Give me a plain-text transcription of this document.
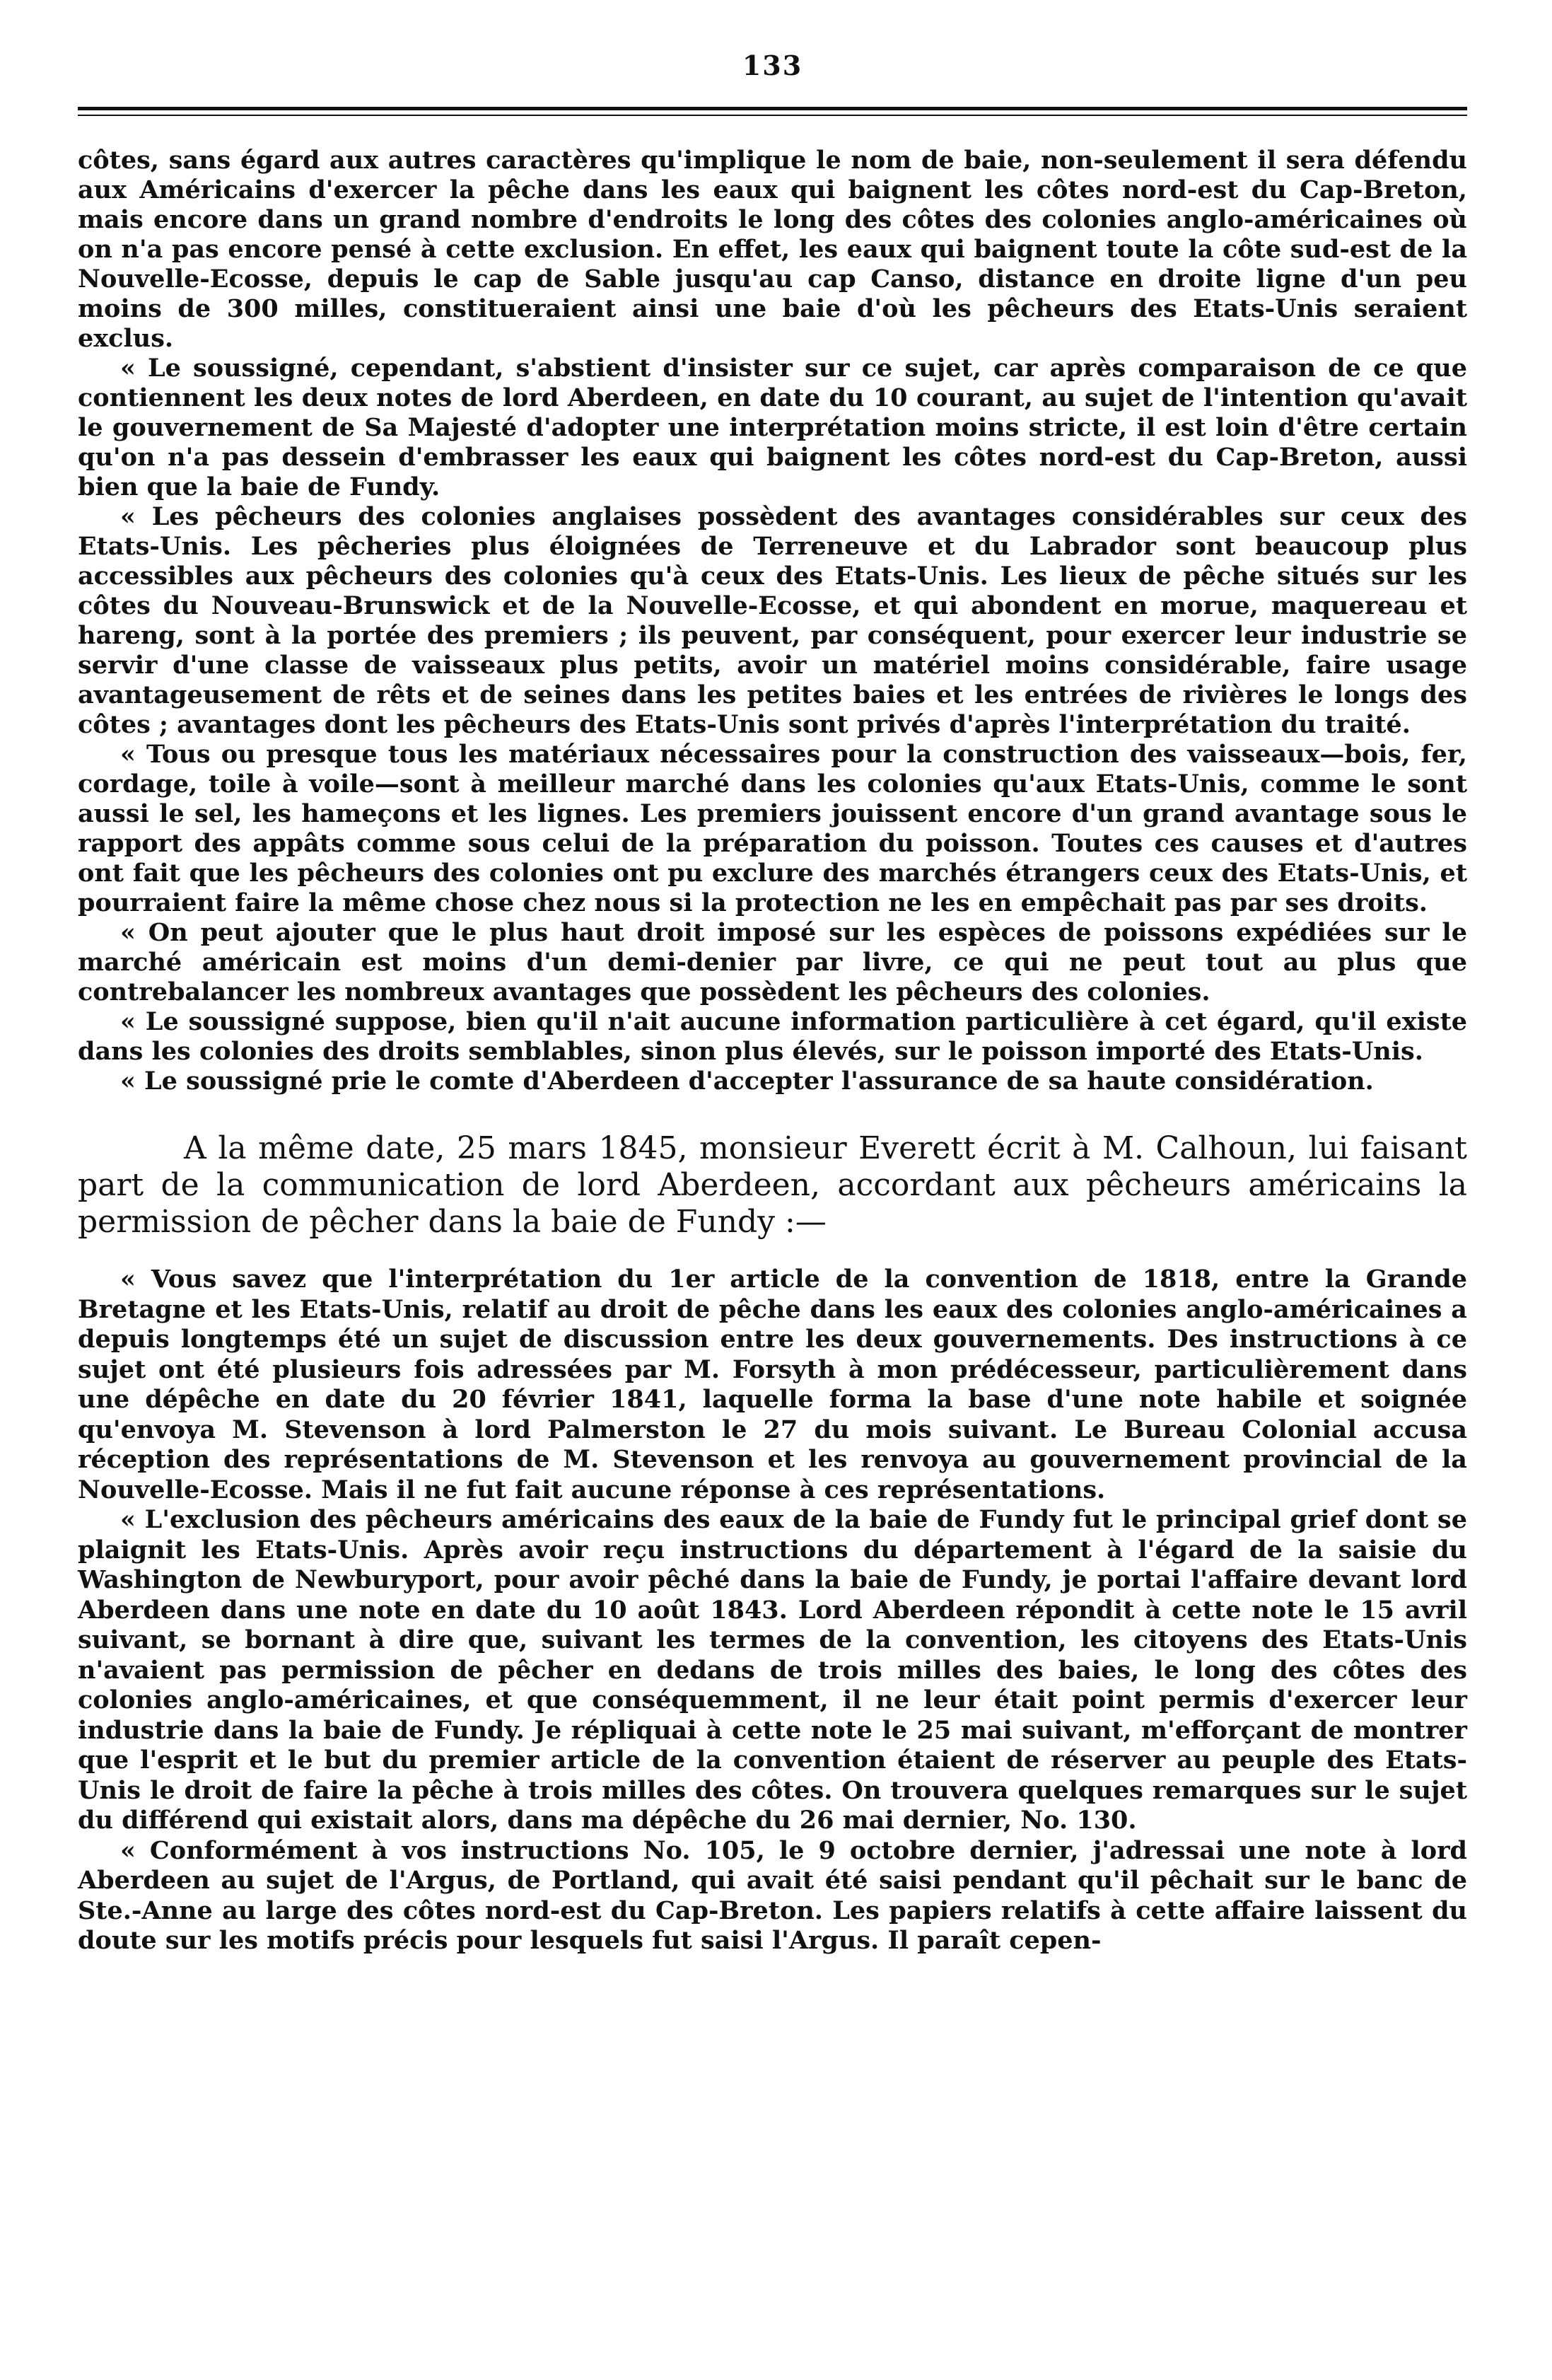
133

côtes, sans égard aux autres caractères qu'implique le nom de baie, non-seulement il sera défendu aux Américains d'exercer la pêche dans les eaux qui baignent les côtes nord-est du Cap-Breton, mais encore dans un grand nombre d'endroits le long des côtes des colonies anglo-américaines où on n'a pas encore pensé à cette exclusion. En effet, les eaux qui baignent toute la côte sud-est de la Nouvelle-Ecosse, depuis le cap de Sable jusqu'au cap Canso, distance en droite ligne d'un peu moins de 300 milles, constitueraient ainsi une baie d'où les pêcheurs des Etats-Unis seraient exclus.

« Le soussigné, cependant, s'abstient d'insister sur ce sujet, car après comparaison de ce que contiennent les deux notes de lord Aberdeen, en date du 10 courant, au sujet de l'intention qu'avait le gouvernement de Sa Majesté d'adopter une interprétation moins stricte, il est loin d'être certain qu'on n'a pas dessein d'embrasser les eaux qui baignent les côtes nord-est du Cap-Breton, aussi bien que la baie de Fundy.

« Les pêcheurs des colonies anglaises possèdent des avantages considérables sur ceux des Etats-Unis. Les pêcheries plus éloignées de Terreneuve et du Labrador sont beaucoup plus accessibles aux pêcheurs des colonies qu'à ceux des Etats-Unis. Les lieux de pêche situés sur les côtes du Nouveau-Brunswick et de la Nouvelle-Ecosse, et qui abondent en morue, maquereau et hareng, sont à la portée des premiers ; ils peuvent, par conséquent, pour exercer leur industrie se servir d'une classe de vaisseaux plus petits, avoir un matériel moins considérable, faire usage avantageusement de rêts et de seines dans les petites baies et les entrées de rivières le longs des côtes ; avantages dont les pêcheurs des Etats-Unis sont privés d'après l'interprétation du traité.

« Tous ou presque tous les matériaux nécessaires pour la construction des vaisseaux—bois, fer, cordage, toile à voile—sont à meilleur marché dans les colonies qu'aux Etats-Unis, comme le sont aussi le sel, les hameçons et les lignes. Les premiers jouissent encore d'un grand avantage sous le rapport des appâts comme sous celui de la préparation du poisson. Toutes ces causes et d'autres ont fait que les pêcheurs des colonies ont pu exclure des marchés étrangers ceux des Etats-Unis, et pourraient faire la même chose chez nous si la protection ne les en empêchait pas par ses droits.

« On peut ajouter que le plus haut droit imposé sur les espèces de poissons expédiées sur le marché américain est moins d'un demi-denier par livre, ce qui ne peut tout au plus que contrebalancer les nombreux avantages que possèdent les pêcheurs des colonies.

« Le soussigné suppose, bien qu'il n'ait aucune information particulière à cet égard, qu'il existe dans les colonies des droits semblables, sinon plus élevés, sur le poisson importé des Etats-Unis.

« Le soussigné prie le comte d'Aberdeen d'accepter l'assurance de sa haute considération.

A la même date, 25 mars 1845, monsieur Everett écrit à M. Calhoun, lui faisant part de la communication de lord Aberdeen, accordant aux pêcheurs américains la permission de pêcher dans la baie de Fundy :—

« Vous savez que l'interprétation du 1er article de la convention de 1818, entre la Grande Bretagne et les Etats-Unis, relatif au droit de pêche dans les eaux des colonies anglo-américaines a depuis longtemps été un sujet de discussion entre les deux gouvernements. Des instructions à ce sujet ont été plusieurs fois adressées par M. Forsyth à mon prédécesseur, particulièrement dans une dépêche en date du 20 février 1841, laquelle forma la base d'une note habile et soignée qu'envoya M. Stevenson à lord Palmerston le 27 du mois suivant. Le Bureau Colonial accusa réception des représentations de M. Stevenson et les renvoya au gouvernement provincial de la Nouvelle-Ecosse. Mais il ne fut fait aucune réponse à ces représentations.

« L'exclusion des pêcheurs américains des eaux de la baie de Fundy fut le principal grief dont se plaignit les Etats-Unis. Après avoir reçu instructions du département à l'égard de la saisie du Washington de Newburyport, pour avoir pêché dans la baie de Fundy, je portai l'affaire devant lord Aberdeen dans une note en date du 10 août 1843. Lord Aberdeen répondit à cette note le 15 avril suivant, se bornant à dire que, suivant les termes de la convention, les citoyens des Etats-Unis n'avaient pas permission de pêcher en dedans de trois milles des baies, le long des côtes des colonies anglo-américaines, et que conséquemment, il ne leur était point permis d'exercer leur industrie dans la baie de Fundy. Je répliquai à cette note le 25 mai suivant, m'efforçant de montrer que l'esprit et le but du premier article de la convention étaient de réserver au peuple des Etats-Unis le droit de faire la pêche à trois milles des côtes. On trouvera quelques remarques sur le sujet du différend qui existait alors, dans ma dépêche du 26 mai dernier, No. 130.

« Conformément à vos instructions No. 105, le 9 octobre dernier, j'adressai une note à lord Aberdeen au sujet de l'Argus, de Portland, qui avait été saisi pendant qu'il pêchait sur le banc de Ste.-Anne au large des côtes nord-est du Cap-Breton. Les papiers relatifs à cette affaire laissent du doute sur les motifs précis pour lesquels fut saisi l'Argus. Il paraît cepen-
